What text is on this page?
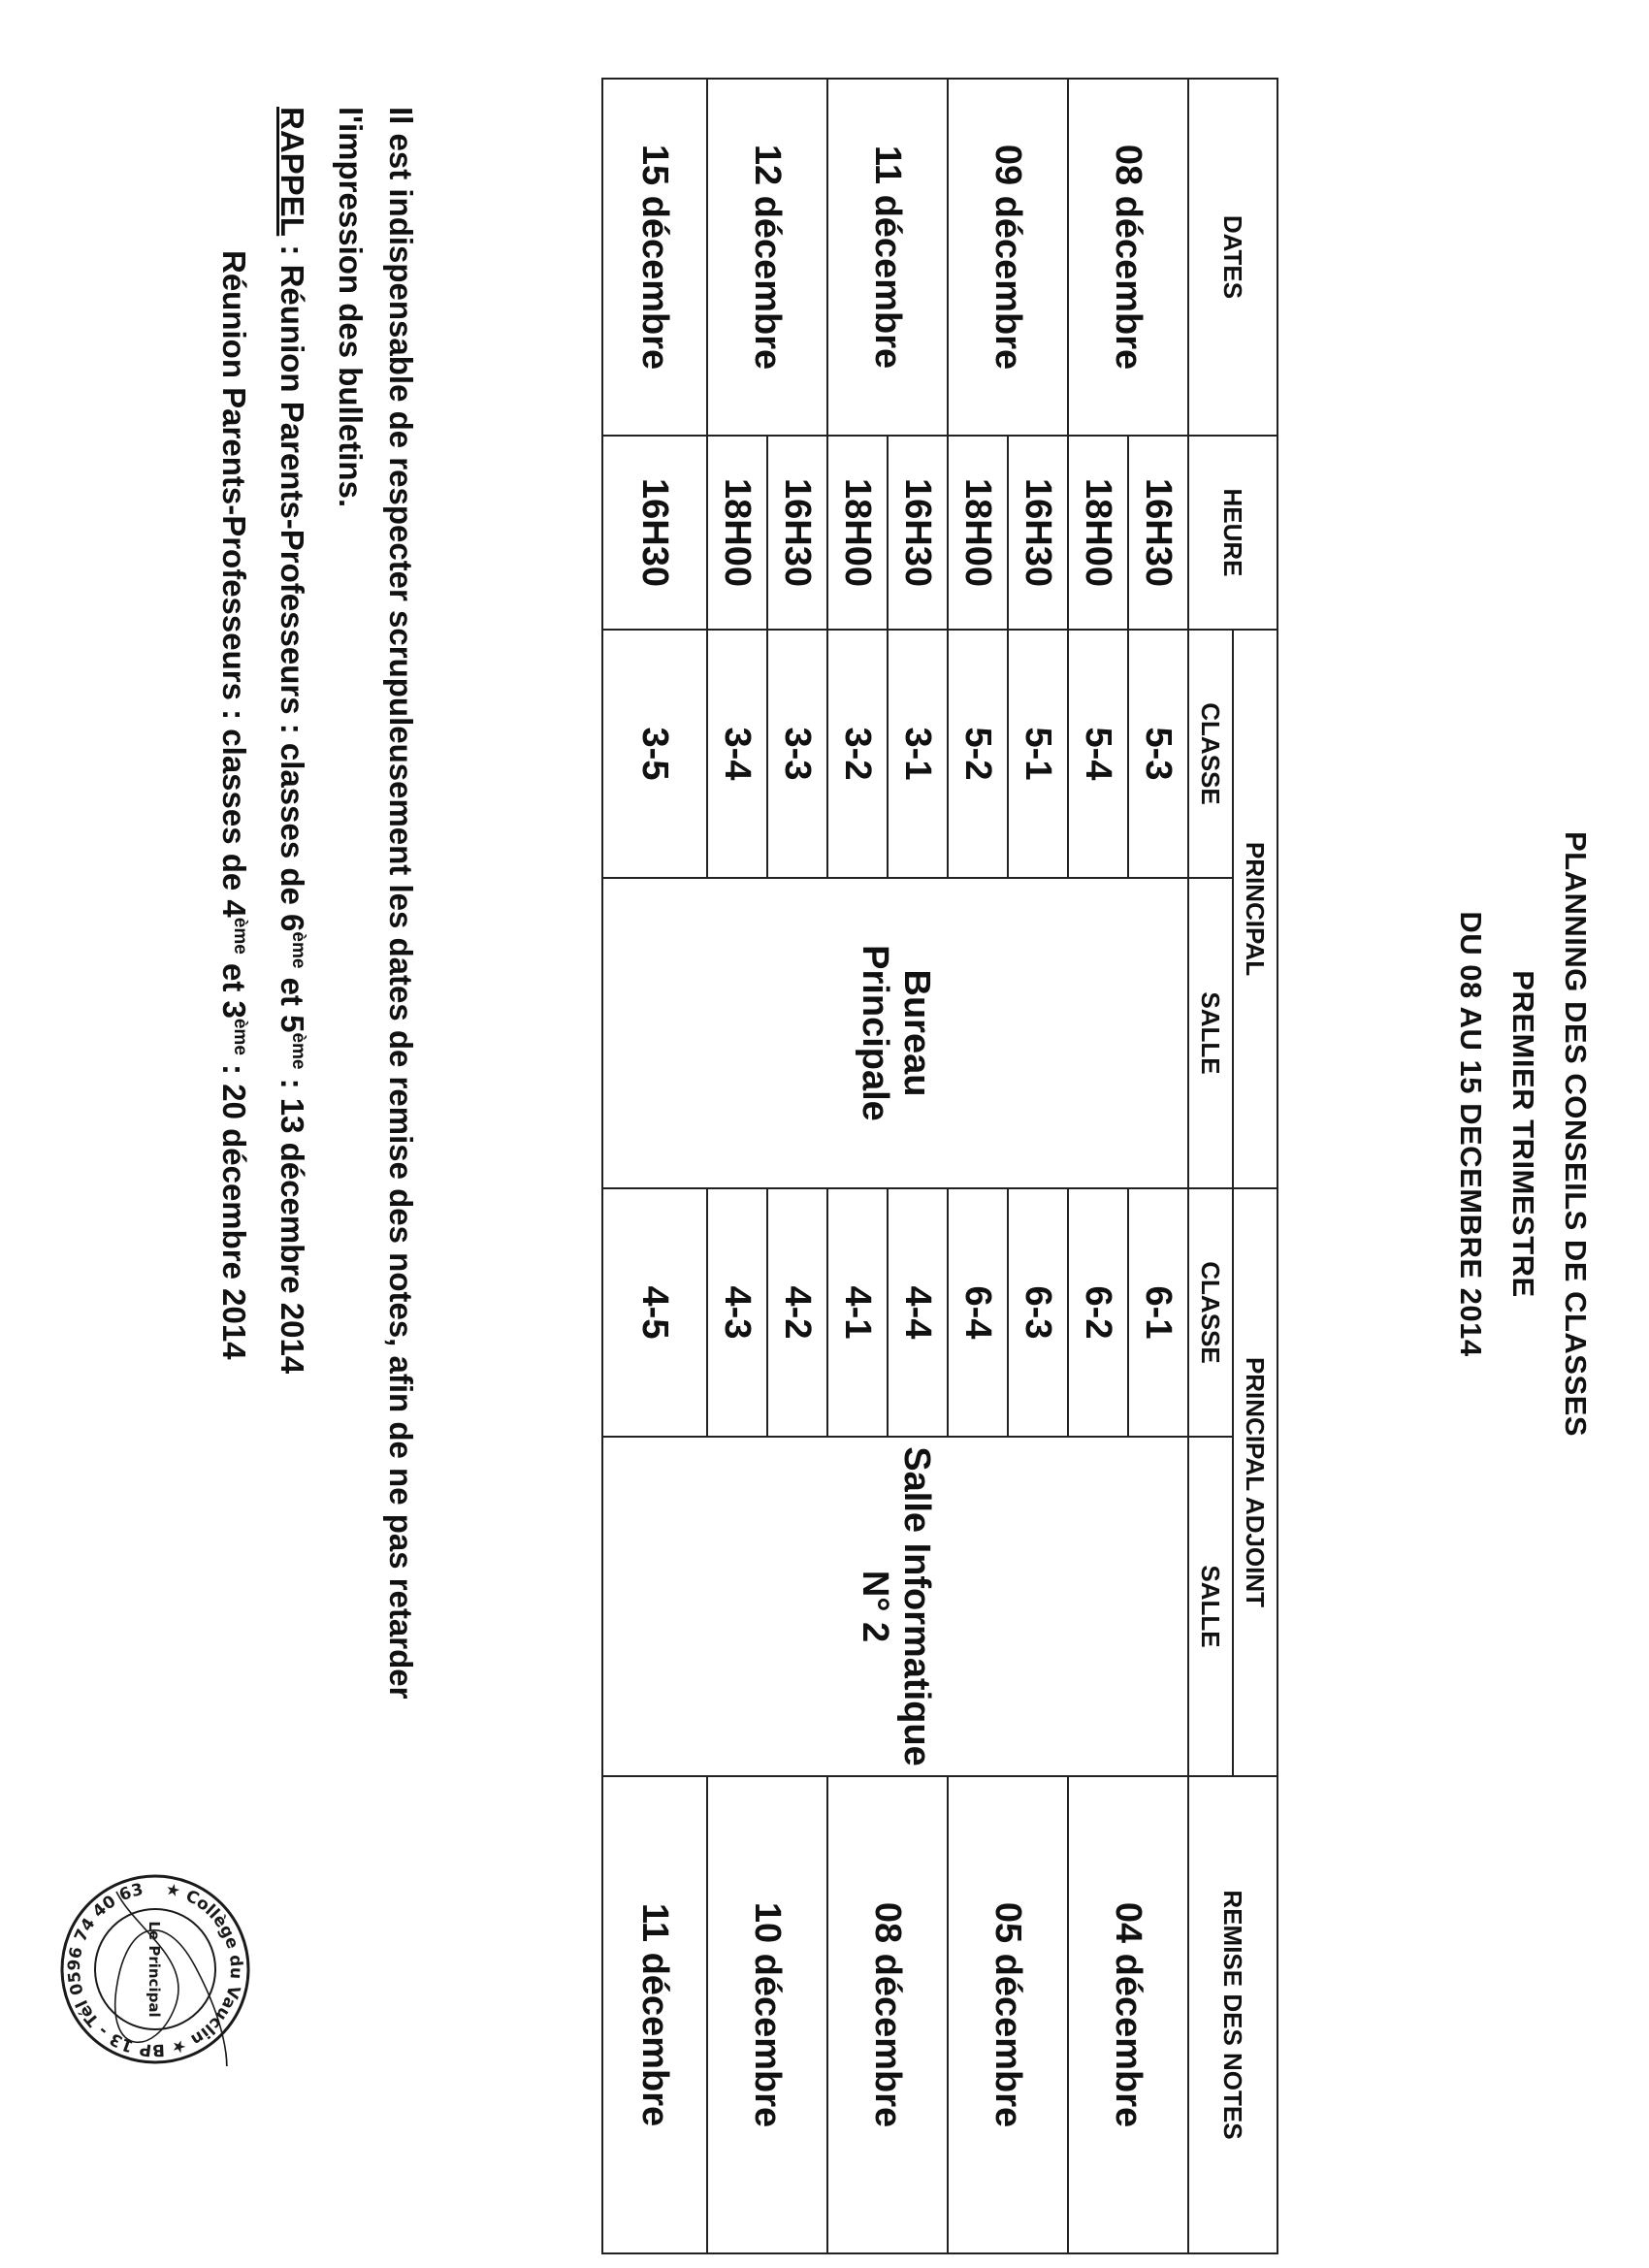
PLANNING DES CONSEILS DE CLASSES
PREMIER TRIMESTRE
DU 08 AU 15 DECEMBRE 2014
DATES	HEURE	PRINCIPAL		PRINCIPAL ADJOINT		REMISE DES NOTES
		CLASSE	SALLE	CLASSE	SALLE	
08 décembre	16H30	5-3	Bureau Principale	6-1	Salle Informatique N° 2	04 décembre
	18H00	5-4		6-2		
09 décembre	16H30	5-1		6-3		05 décembre
	18H00	5-2		6-4		
11 décembre	16H30	3-1		4-4		08 décembre
	18H00	3-2		4-1		
12 décembre	16H30	3-3		4-2		10 décembre
	18H00	3-4		4-3		
15 décembre	16H30	3-5		4-5		11 décembre
Il est indispensable de respecter scrupuleusement les dates de remise des notes, afin de ne pas retarder
l'impression des bulletins.
RAPPEL : Réunion Parents-Professeurs : classes de 6ème et 5ème : 13 décembre 2014
Réunion Parents-Professeurs : classes de 4ème et 3ème : 20 décembre 2014
★ Collège du Vauclin ★ BP 13 - Tél 0596 74 40 63
Le Principal
